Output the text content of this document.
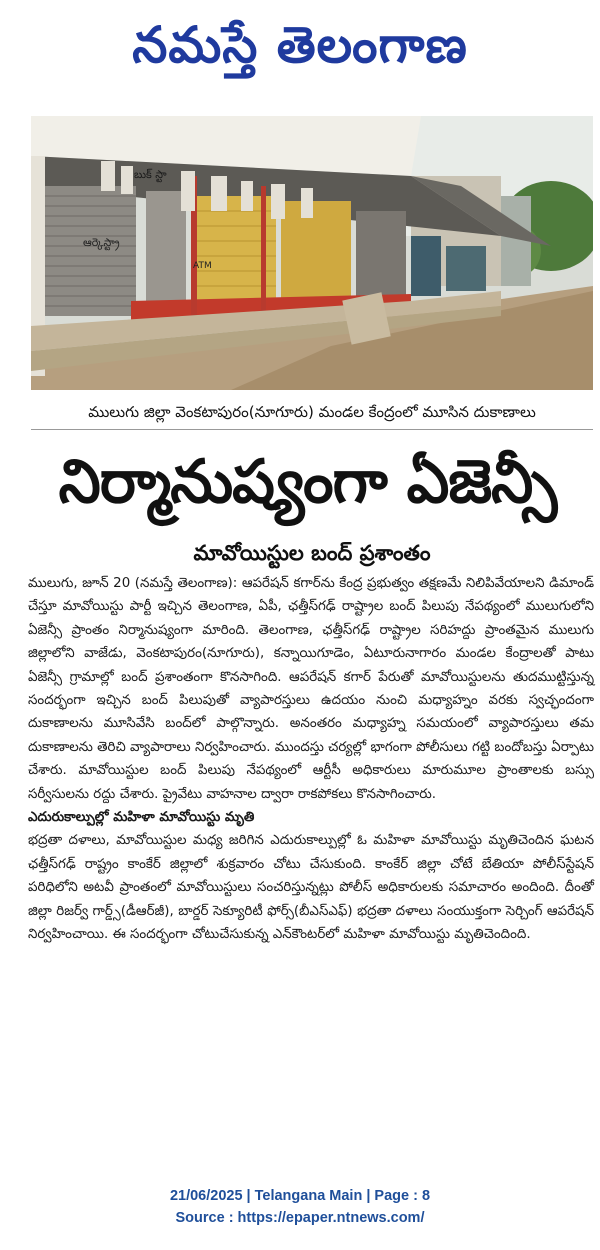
నమస్తే తెలంగాణ
బుక్ స్టా
ఆర్కెస్ట్రా
ATM
ములుగు జిల్లా వెంకటాపురం(నూగూరు) మండల కేంద్రంలో మూసిన దుకాణాలు
నిర్మానుష్యంగా ఏజెన్సీ
మావోయిస్టుల బంద్ ప్రశాంతం

ములుగు, జూన్ 20 (నమస్తే తెలంగాణ): ఆపరేషన్ కగార్‌ను కేంద్ర ప్రభుత్వం తక్షణమే నిలిపివేయాలని డిమాండ్ చేస్తూ మావోయిస్టు పార్టీ ఇచ్చిన తెలంగాణ, ఏపీ, ఛత్తీస్‌గఢ్ రాష్ట్రాల బంద్ పిలుపు నేపథ్యంలో ములుగులోని ఏజెన్సీ ప్రాంతం నిర్మానుష్యంగా మారింది. తెలంగాణ, ఛత్తీస్‌గఢ్ రాష్ట్రాల సరిహద్దు ప్రాంతమైన ములుగు జిల్లాలోని వాజేడు, వెంకటాపురం(నూగూరు), కన్నాయిగూడెం, ఏటూరునాగారం మండల కేంద్రాలతో పాటు ఏజెన్సీ గ్రామాల్లో బంద్ ప్రశాంతంగా కొనసాగింది. ఆపరేషన్ కగార్ పేరుతో మావోయిస్టులను తుదముట్టిస్తున్న సందర్భంగా ఇచ్చిన బంద్ పిలుపుతో వ్యాపారస్తులు ఉదయం నుంచి మధ్యాహ్నం వరకు స్వచ్ఛందంగా దుకాణాలను మూసివేసి బంద్‌లో పాల్గొన్నారు. అనంతరం మధ్యాహ్న సమయంలో వ్యాపారస్తులు తమ దుకాణాలను తెరిచి వ్యాపారాలు నిర్వహించారు. ముందస్తు చర్యల్లో భాగంగా పోలీసులు గట్టి బందోబస్తు ఏర్పాటు చేశారు. మావోయిస్టుల బంద్ పిలుపు నేపథ్యంలో ఆర్టీసీ అధికారులు మారుమూల ప్రాంతాలకు బస్సు సర్వీసులను రద్దు చేశారు. ప్రైవేటు వాహనాల ద్వారా రాకపోకలు కొనసాగించారు.

ఎదురుకాల్పుల్లో మహిళా మావోయిస్టు మృతి

భద్రతా దళాలు, మావోయిస్టుల మధ్య జరిగిన ఎదురుకాల్పుల్లో ఓ మహిళా మావోయిస్టు మృతిచెందిన ఘటన ఛత్తీస్‌గఢ్ రాష్ట్రం కాంకేర్ జిల్లాలో శుక్రవారం చోటు చేసుకుంది. కాంకేర్ జిల్లా చోటే బేతియా పోలీస్‌స్టేషన్ పరిధిలోని అటవీ ప్రాంతంలో మావోయిస్టులు సంచరిస్తున్నట్లు పోలీస్ అధికారులకు సమాచారం అందింది. దీంతో జిల్లా రిజర్వ్ గార్డ్స్(డీఆర్‌జీ), బార్డర్ సెక్యూరిటీ ఫోర్స్(బీఎస్‌ఎఫ్) భద్రతా దళాలు సంయుక్తంగా సెర్చింగ్ ఆపరేషన్ నిర్వహించాయి. ఈ సందర్భంగా చోటుచేసుకున్న ఎన్‌కౌంటర్‌లో మహిళా మావోయిస్టు మృతిచెందింది.

21/06/2025 | Telangana Main | Page : 8
Source : https://epaper.ntnews.com/
